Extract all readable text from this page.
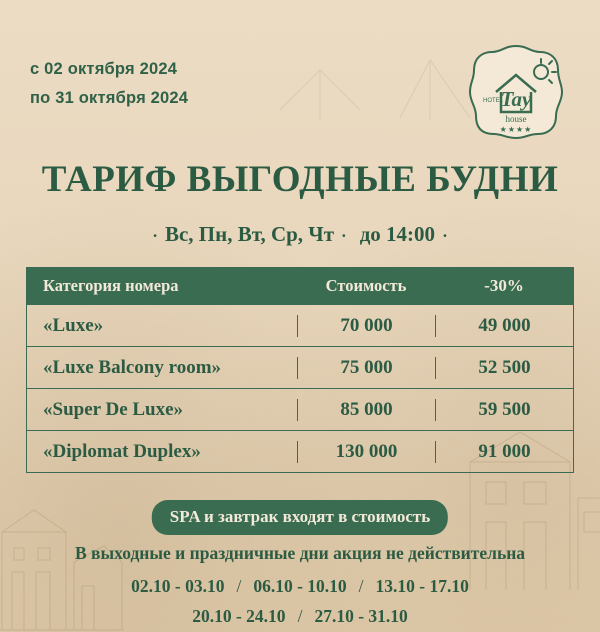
с 02 октября 2024
по 31 октября 2024	Tay
HOTEL
house
★★★★
ТАРИФ ВЫГОДНЫЕ БУДНИ
· Вс, Пн, Вт, Ср, Чт · до 14:00 ·
Категория номера	Стоимость	-30%
«Luxe»	70 000	49 000
«Luxe Balcony room»	75 000	52 500
«Super De Luxe»	85 000	59 500
«Diplomat Duplex»	130 000	91 000
SPA и завтрак входят в стоимость
В выходные и праздничные дни акция не действительна
02.10 - 03.10 / 06.10 - 10.10 / 13.10 - 17.10
20.10 - 24.10 / 27.10 - 31.10
